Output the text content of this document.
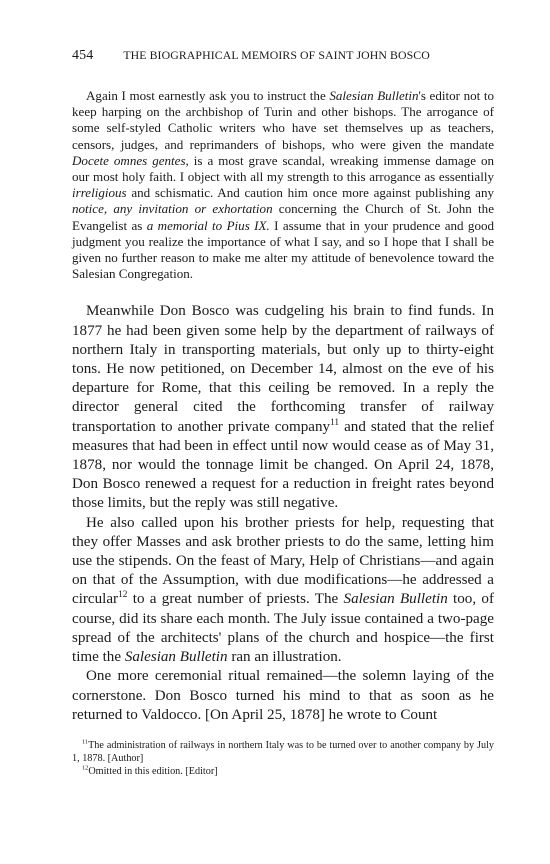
454	THE BIOGRAPHICAL MEMOIRS OF SAINT JOHN BOSCO

Again I most earnestly ask you to instruct the Salesian Bulletin's editor not to keep harping on the archbishop of Turin and other bishops. The arrogance of some self-styled Catholic writers who have set themselves up as teachers, censors, judges, and reprimanders of bishops, who were given the mandate Docete omnes gentes, is a most grave scandal, wreaking immense damage on our most holy faith. I object with all my strength to this arrogance as essentially irreligious and schismatic. And caution him once more against publishing any notice, any invitation or exhortation concerning the Church of St. John the Evangelist as a memorial to Pius IX. I assume that in your prudence and good judgment you realize the importance of what I say, and so I hope that I shall be given no further reason to make me alter my attitude of benevolence toward the Salesian Congregation.

Meanwhile Don Bosco was cudgeling his brain to find funds. In 1877 he had been given some help by the department of railways of northern Italy in transporting materials, but only up to thirty-eight tons. He now petitioned, on December 14, almost on the eve of his departure for Rome, that this ceiling be removed. In a reply the director general cited the forthcoming transfer of railway transportation to another private company$^{11}$ and stated that the relief measures that had been in effect until now would cease as of May 31, 1878, nor would the tonnage limit be changed. On April 24, 1878, Don Bosco renewed a request for a reduction in freight rates beyond those limits, but the reply was still negative.

He also called upon his brother priests for help, requesting that they offer Masses and ask brother priests to do the same, letting him use the stipends. On the feast of Mary, Help of Christians—and again on that of the Assumption, with due modifications—he addressed a circular$^{12}$ to a great number of priests. The Salesian Bulletin too, of course, did its share each month. The July issue contained a two-page spread of the architects' plans of the church and hospice—the first time the Salesian Bulletin ran an illustration.

One more ceremonial ritual remained—the solemn laying of the cornerstone. Don Bosco turned his mind to that as soon as he returned to Valdocco. [On April 25, 1878] he wrote to Count

$^{11}$The administration of railways in northern Italy was to be turned over to another company by July 1, 1878. [Author]

$^{12}$Omitted in this edition. [Editor]
